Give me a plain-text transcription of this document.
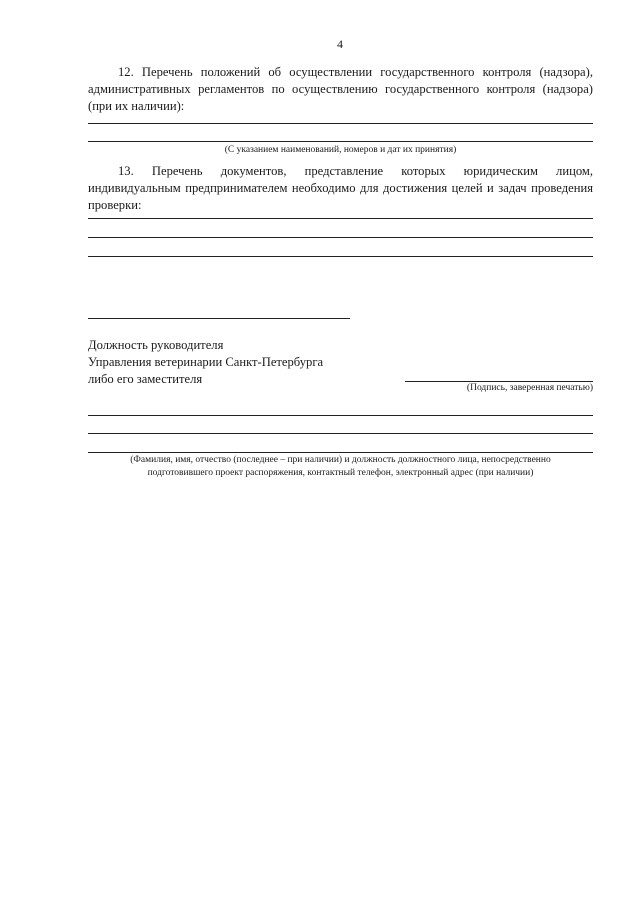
4
12. Перечень положений об осуществлении государственного контроля (надзора), административных регламентов по осуществлению государственного контроля (надзора) (при их наличии):
(С указанием наименований, номеров и дат их принятия)
13. Перечень документов, представление которых юридическим лицом, индивидуальным предпринимателем необходимо для достижения целей и задач проведения проверки:
Должность руководителя
Управления ветеринарии Санкт-Петербурга
либо его заместителя
(Подпись, заверенная печатью)
(Фамилия, имя, отчество (последнее – при наличии) и должность должностного лица, непосредственно
подготовившего проект распоряжения, контактный телефон, электронный адрес (при наличии)
